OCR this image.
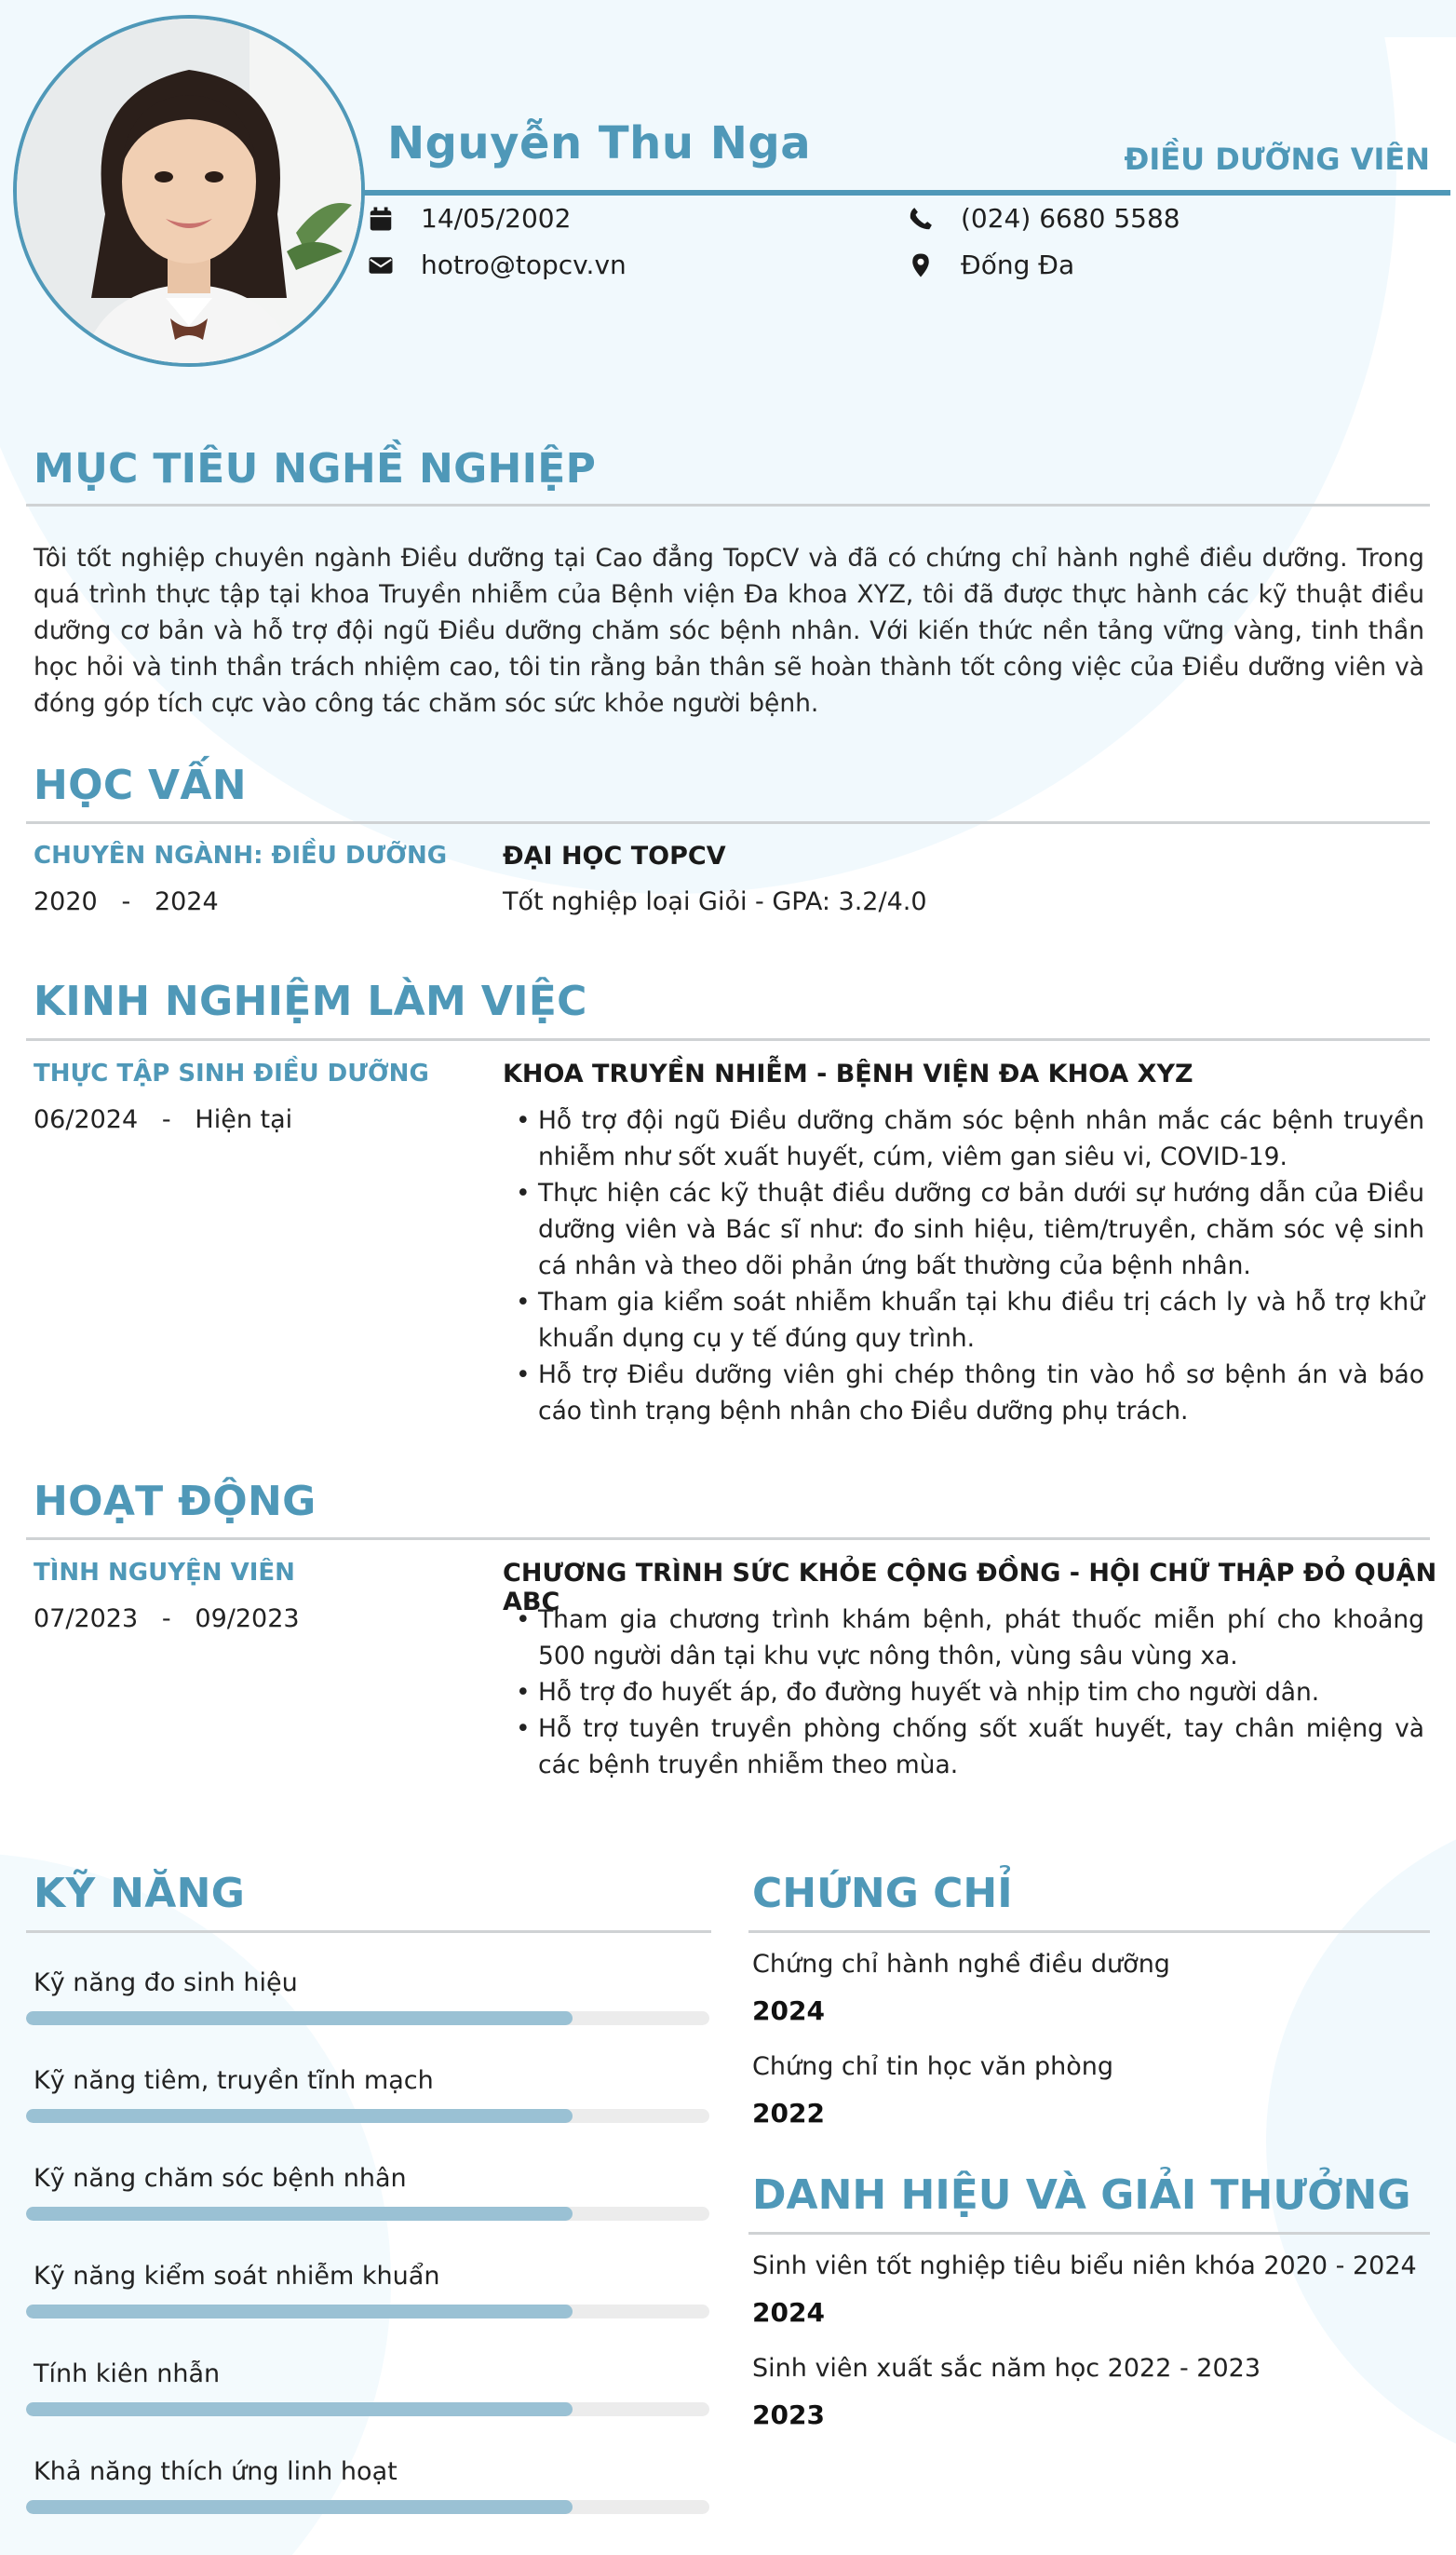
Nguyễn Thu Nga	ĐIỀU DƯỠNG VIÊN
14/05/2002
hotro@topcv.vn
(024) 6680 5588
Đống Đa
MỤC TIÊU NGHỀ NGHIỆP
Tôi tốt nghiệp chuyên ngành Điều dưỡng tại Cao đẳng TopCV và đã có chứng chỉ hành nghề điều dưỡng. Trong quá trình thực tập tại khoa Truyền nhiễm của Bệnh viện Đa khoa XYZ, tôi đã được thực hành các kỹ thuật điều dưỡng cơ bản và hỗ trợ đội ngũ Điều dưỡng chăm sóc bệnh nhân. Với kiến thức nền tảng vững vàng, tinh thần học hỏi và tinh thần trách nhiệm cao, tôi tin rằng bản thân sẽ hoàn thành tốt công việc của Điều dưỡng viên và đóng góp tích cực vào công tác chăm sóc sức khỏe người bệnh.
HỌC VẤN
CHUYÊN NGÀNH: ĐIỀU DƯỠNG
2020   -   2024
ĐẠI HỌC TOPCV
Tốt nghiệp loại Giỏi - GPA: 3.2/4.0
KINH NGHIỆM LÀM VIỆC
THỰC TẬP SINH ĐIỀU DƯỠNG
06/2024   -   Hiện tại
KHOA TRUYỀN NHIỄM - BỆNH VIỆN ĐA KHOA XYZ
• Hỗ trợ đội ngũ Điều dưỡng chăm sóc bệnh nhân mắc các bệnh truyền nhiễm như sốt xuất huyết, cúm, viêm gan siêu vi, COVID-19.
• Thực hiện các kỹ thuật điều dưỡng cơ bản dưới sự hướng dẫn của Điều dưỡng viên và Bác sĩ như: đo sinh hiệu, tiêm/truyền, chăm sóc vệ sinh cá nhân và theo dõi phản ứng bất thường của bệnh nhân.
• Tham gia kiểm soát nhiễm khuẩn tại khu điều trị cách ly và hỗ trợ khử khuẩn dụng cụ y tế đúng quy trình.
• Hỗ trợ Điều dưỡng viên ghi chép thông tin vào hồ sơ bệnh án và báo cáo tình trạng bệnh nhân cho Điều dưỡng phụ trách.
HOẠT ĐỘNG
TÌNH NGUYỆN VIÊN
07/2023   -   09/2023
CHƯƠNG TRÌNH SỨC KHỎE CỘNG ĐỒNG - HỘI CHỮ THẬP ĐỎ QUẬN ABC
• Tham gia chương trình khám bệnh, phát thuốc miễn phí cho khoảng 500 người dân tại khu vực nông thôn, vùng sâu vùng xa.
• Hỗ trợ đo huyết áp, đo đường huyết và nhịp tim cho người dân.
• Hỗ trợ tuyên truyền phòng chống sốt xuất huyết, tay chân miệng và các bệnh truyền nhiễm theo mùa.
KỸ NĂNG
Kỹ năng đo sinh hiệu
Kỹ năng tiêm, truyền tĩnh mạch
Kỹ năng chăm sóc bệnh nhân
Kỹ năng kiểm soát nhiễm khuẩn
Tính kiên nhẫn
Khả năng thích ứng linh hoạt
CHỨNG CHỈ
Chứng chỉ hành nghề điều dưỡng
2024
Chứng chỉ tin học văn phòng
2022
DANH HIỆU VÀ GIẢI THƯỞNG
Sinh viên tốt nghiệp tiêu biểu niên khóa 2020 - 2024
2024
Sinh viên xuất sắc năm học 2022 - 2023
2023
